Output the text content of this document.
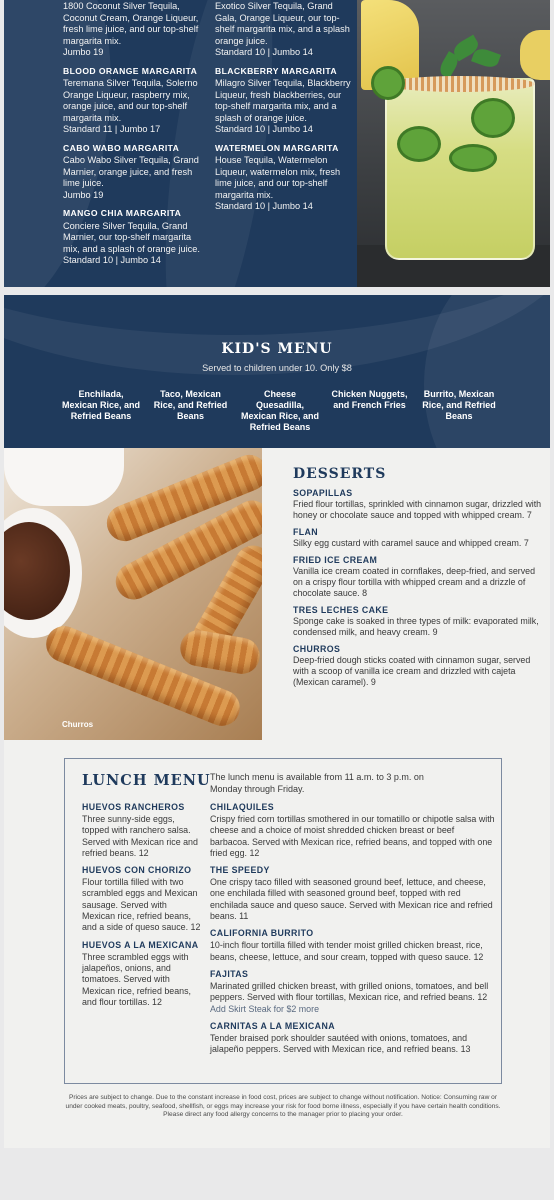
1800 Coconut Silver Tequila, Coconut Cream, Orange Liqueur, fresh lime juice, and our top-shelf margarita mix.

Jumbo 19

BLOOD ORANGE MARGARITA

Teremana Silver Tequila, Solerno Orange Liqueur, raspberry mix, orange juice, and our top-shelf margarita mix.

Standard 11 | Jumbo 17

CABO WABO MARGARITA

Cabo Wabo Silver Tequila, Grand Marnier, orange juice, and fresh lime juice.

Jumbo 19

MANGO CHIA MARGARITA

Conciere Silver Tequila, Grand Marnier, our top-shelf margarita mix, and a splash of orange juice.

Standard 10 | Jumbo 14

Exotico Silver Tequila, Grand Gala, Orange Liqueur, our top-shelf margarita mix, and a splash orange juice.

Standard 10 | Jumbo 14

BLACKBERRY MARGARITA

Milagro Silver Tequila, Blackberry Liqueur, fresh blackberries, our top-shelf margarita mix, and a splash of orange juice.

Standard 10 | Jumbo 14

WATERMELON MARGARITA

House Tequila, Watermelon Liqueur, watermelon mix, fresh lime juice, and our top-shelf margarita mix.

Standard 10 | Jumbo 14

KID'S MENU
Served to children under 10. Only $8
Enchilada, Mexican Rice, and Refried Beans
Taco, Mexican Rice, and Refried Beans
Cheese Quesadilla, Mexican Rice, and Refried Beans
Chicken Nuggets, and French Fries
Burrito, Mexican Rice, and Refried Beans
Churros
DESSERTS
SOPAPILLAS

Fried flour tortillas, sprinkled with cinnamon sugar, drizzled with honey or chocolate sauce and topped with whipped cream. 7

FLAN

Silky egg custard with caramel sauce and whipped cream. 7

FRIED ICE CREAM

Vanilla ice cream coated in cornflakes, deep-fried, and served on a crispy flour tortilla with whipped cream and a drizzle of chocolate sauce. 8

TRES LECHES CAKE

Sponge cake is soaked in three types of milk: evaporated milk, condensed milk, and heavy cream. 9

CHURROS

Deep-fried dough sticks coated with cinnamon sugar, served with a scoop of vanilla ice cream and drizzled with cajeta (Mexican caramel). 9

LUNCH MENU The lunch menu is available from 11 a.m. to 3 p.m. on Monday through Friday.
HUEVOS RANCHEROS

Three sunny-side eggs, topped with ranchero salsa. Served with Mexican rice and refried beans. 12

HUEVOS CON CHORIZO

Flour tortilla filled with two scrambled eggs and Mexican sausage. Served with Mexican rice, refried beans, and a side of queso sauce. 12

HUEVOS A LA MEXICANA

Three scrambled eggs with jalapeños, onions, and tomatoes. Served with Mexican rice, refried beans, and flour tortillas. 12

CHILAQUILES

Crispy fried corn tortillas smothered in our tomatillo or chipotle salsa with cheese and a choice of moist shredded chicken breast or beef barbacoa. Served with Mexican rice, refried beans, and topped with one fried egg. 12

THE SPEEDY

One crispy taco filled with seasoned ground beef, lettuce, and cheese, one enchilada filled with seasoned ground beef, topped with red enchilada sauce and queso sauce. Served with Mexican rice and refried beans. 11

CALIFORNIA BURRITO

10-inch flour tortilla filled with tender moist grilled chicken breast, rice, beans, cheese, lettuce, and sour cream, topped with queso sauce. 12

FAJITAS

Marinated grilled chicken breast, with grilled onions, tomatoes, and bell peppers. Served with flour tortillas, Mexican rice, and refried beans. 12

Add Skirt Steak for $2 more

CARNITAS A LA MEXICANA

Tender braised pork shoulder sautéed with onions, tomatoes, and jalapeño peppers. Served with Mexican rice, and refried beans. 13

Prices are subject to change. Due to the constant increase in food cost, prices are subject to change without notification. Notice: Consuming raw or under cooked meats, poultry, seafood, shellfish, or eggs may increase your risk for food borne illness, especially if you have certain health conditions. Please direct any food allergy concerns to the manager prior to placing your order.
